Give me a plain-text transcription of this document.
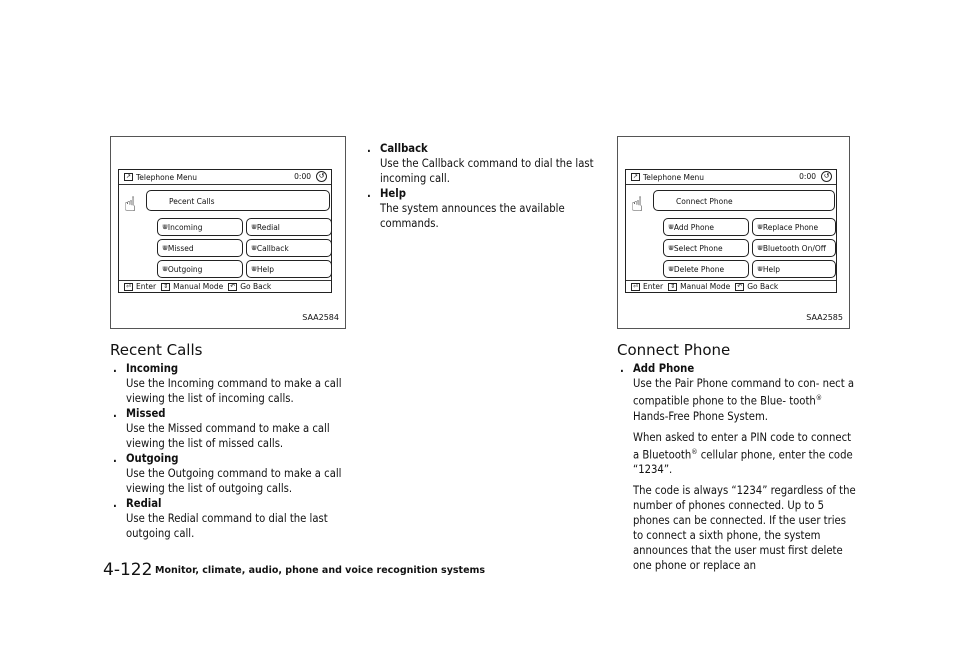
↗ Telephone Menu	0:00	↺
☝	Pecent Calls
⋓ Incoming	⋓ Redial
⋓ Missed	⋓ Callback
⋓ Outgoing	⋓ Help
⏎ Enter	⇕ Manual Mode	↶ Go Back
SAA2584
↗ Telephone Menu	0:00	↺
☝	Connect Phone
⋓ Add Phone	⋓ Replace Phone
⋓ Select Phone	⋓ Bluetooth On/Off
⋓ Delete Phone	⋓ Help
⏎ Enter	⇕ Manual Mode	↶ Go Back
SAA2585
Recent Calls
. Incoming
Use the Incoming command to make a call viewing the list of incoming calls.
. Missed
Use the Missed command to make a call viewing the list of missed calls.
. Outgoing
Use the Outgoing command to make a call viewing the list of outgoing calls.
. Redial
Use the Redial command to dial the last outgoing call.
. Callback
Use the Callback command to dial the last incoming call.
. Help
The system announces the available commands.
Connect Phone
. Add Phone
Use the Pair Phone command to con- nect a compatible phone to the Blue- tooth® Hands-Free Phone System.
When asked to enter a PIN code to connect a Bluetooth® cellular phone, enter the code “1234”.
The code is always “1234” regardless of the number of phones connected. Up to 5 phones can be connected. If the user tries to connect a sixth phone, the system announces that the user must first delete one phone or replace an
4-122 Monitor, climate, audio, phone and voice recognition systems
